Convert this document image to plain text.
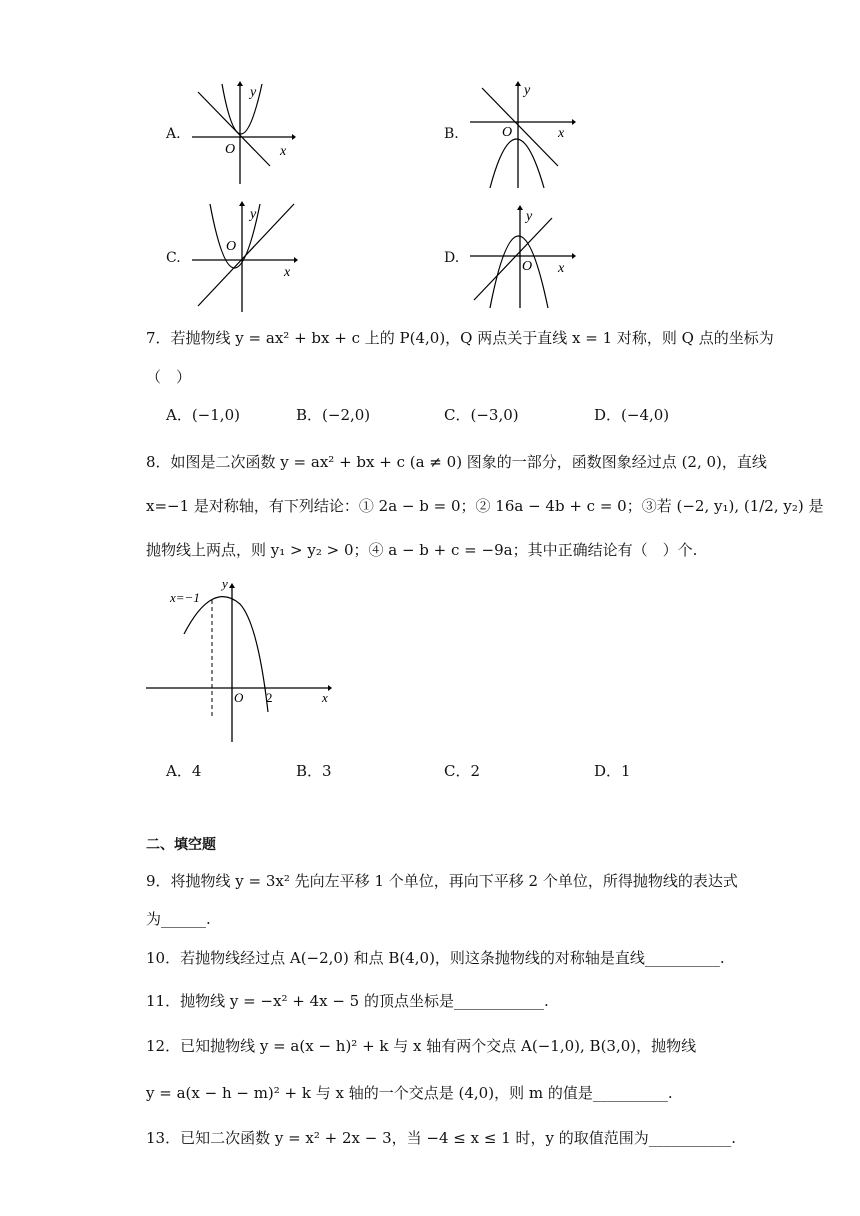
A.
y
x
O
B.
y
x
O
C.
y
x
O
D.
y
x
O
7．若抛物线 y = ax² + bx + c 上的 P(4,0)，Q 两点关于直线 x = 1 对称，则 Q 点的坐标为
（　）
A．(−1,0)	B．(−2,0)	C．(−3,0)	D．(−4,0)
8．如图是二次函数 y = ax² + bx + c (a ≠ 0) 图象的一部分，函数图象经过点 (2, 0)，直线
x=−1 是对称轴，有下列结论：① 2a − b = 0；② 16a − 4b + c = 0；③若 (−2, y₁), (1/2, y₂) 是
抛物线上两点，则 y₁ > y₂ > 0；④ a − b + c = −9a；其中正确结论有（　）个.
x=−1
y
x
O 2
A．4	B．3	C．2	D．1
二、填空题
9．将抛物线 y = 3x² 先向左平移 1 个单位，再向下平移 2 个单位，所得抛物线的表达式
为______.
10．若抛物线经过点 A(−2,0) 和点 B(4,0)，则这条抛物线的对称轴是直线__________.
11．抛物线 y = −x² + 4x − 5 的顶点坐标是____________.
12．已知抛物线 y = a(x − h)² + k 与 x 轴有两个交点 A(−1,0), B(3,0)，抛物线
y = a(x − h − m)² + k 与 x 轴的一个交点是 (4,0)，则 m 的值是__________.
13．已知二次函数 y = x² + 2x − 3，当 −4 ≤ x ≤ 1 时，y 的取值范围为___________.
